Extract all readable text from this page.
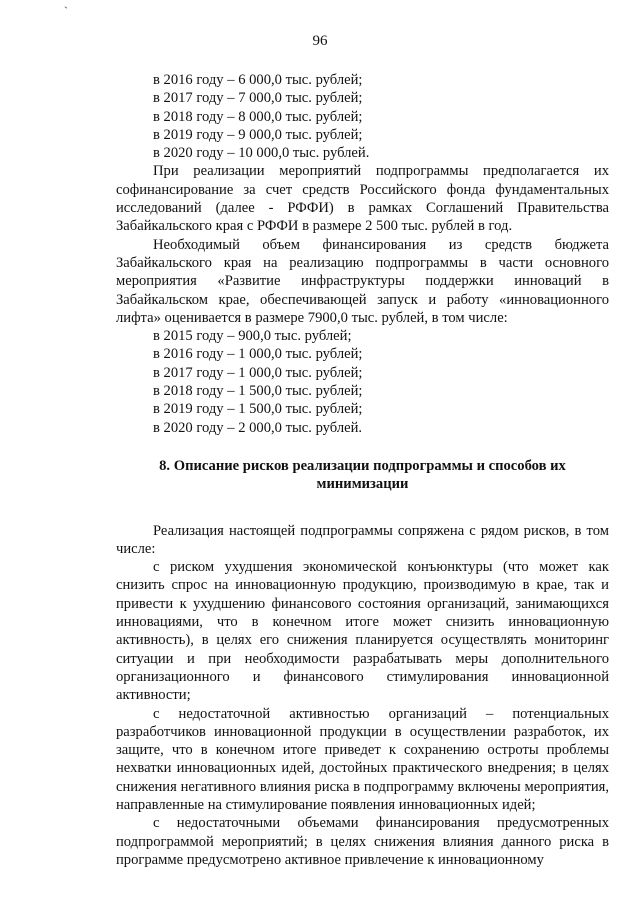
`
96
в 2016 году – 6 000,0 тыс. рублей;
в 2017 году – 7 000,0 тыс. рублей;
в 2018 году – 8 000,0 тыс. рублей;
в 2019 году – 9 000,0 тыс. рублей;
в 2020 году – 10 000,0 тыс. рублей.
При реализации мероприятий подпрограммы предполагается их софинансирование за счет средств Российского фонда фундаментальных исследований (далее - РФФИ) в рамках Соглашений Правительства Забайкальского края с РФФИ в размере 2 500 тыс. рублей в год.
Необходимый объем финансирования из средств бюджета Забайкальского края на реализацию подпрограммы в части основного мероприятия «Развитие инфраструктуры поддержки инноваций в Забайкальском крае, обеспечивающей запуск и работу «инновационного лифта» оценивается в размере 7900,0 тыс. рублей, в том числе:
в 2015 году – 900,0 тыс. рублей;
в 2016 году – 1 000,0 тыс. рублей;
в 2017 году – 1 000,0 тыс. рублей;
в 2018 году – 1 500,0 тыс. рублей;
в 2019 году – 1 500,0 тыс. рублей;
в 2020 году – 2 000,0 тыс. рублей.
8. Описание рисков реализации подпрограммы и способов их минимизации
Реализация настоящей подпрограммы сопряжена с рядом рисков, в том числе:
с риском ухудшения экономической конъюнктуры (что может как снизить спрос на инновационную продукцию, производимую в крае, так и привести к ухудшению финансового состояния организаций, занимающихся инновациями, что в конечном итоге может снизить инновационную активность), в целях его снижения планируется осуществлять мониторинг ситуации и при необходимости разрабатывать меры дополнительного организационного и финансового стимулирования инновационной активности;
с недостаточной активностью организаций – потенциальных разработчиков инновационной продукции в осуществлении разработок, их защите, что в конечном итоге приведет к сохранению остроты проблемы нехватки инновационных идей, достойных практического внедрения; в целях снижения негативного влияния риска в подпрограмму включены мероприятия, направленные на стимулирование появления инновационных идей;
с недостаточными объемами финансирования предусмотренных подпрограммой мероприятий; в целях снижения влияния данного риска в программе предусмотрено активное привлечение к инновационному
